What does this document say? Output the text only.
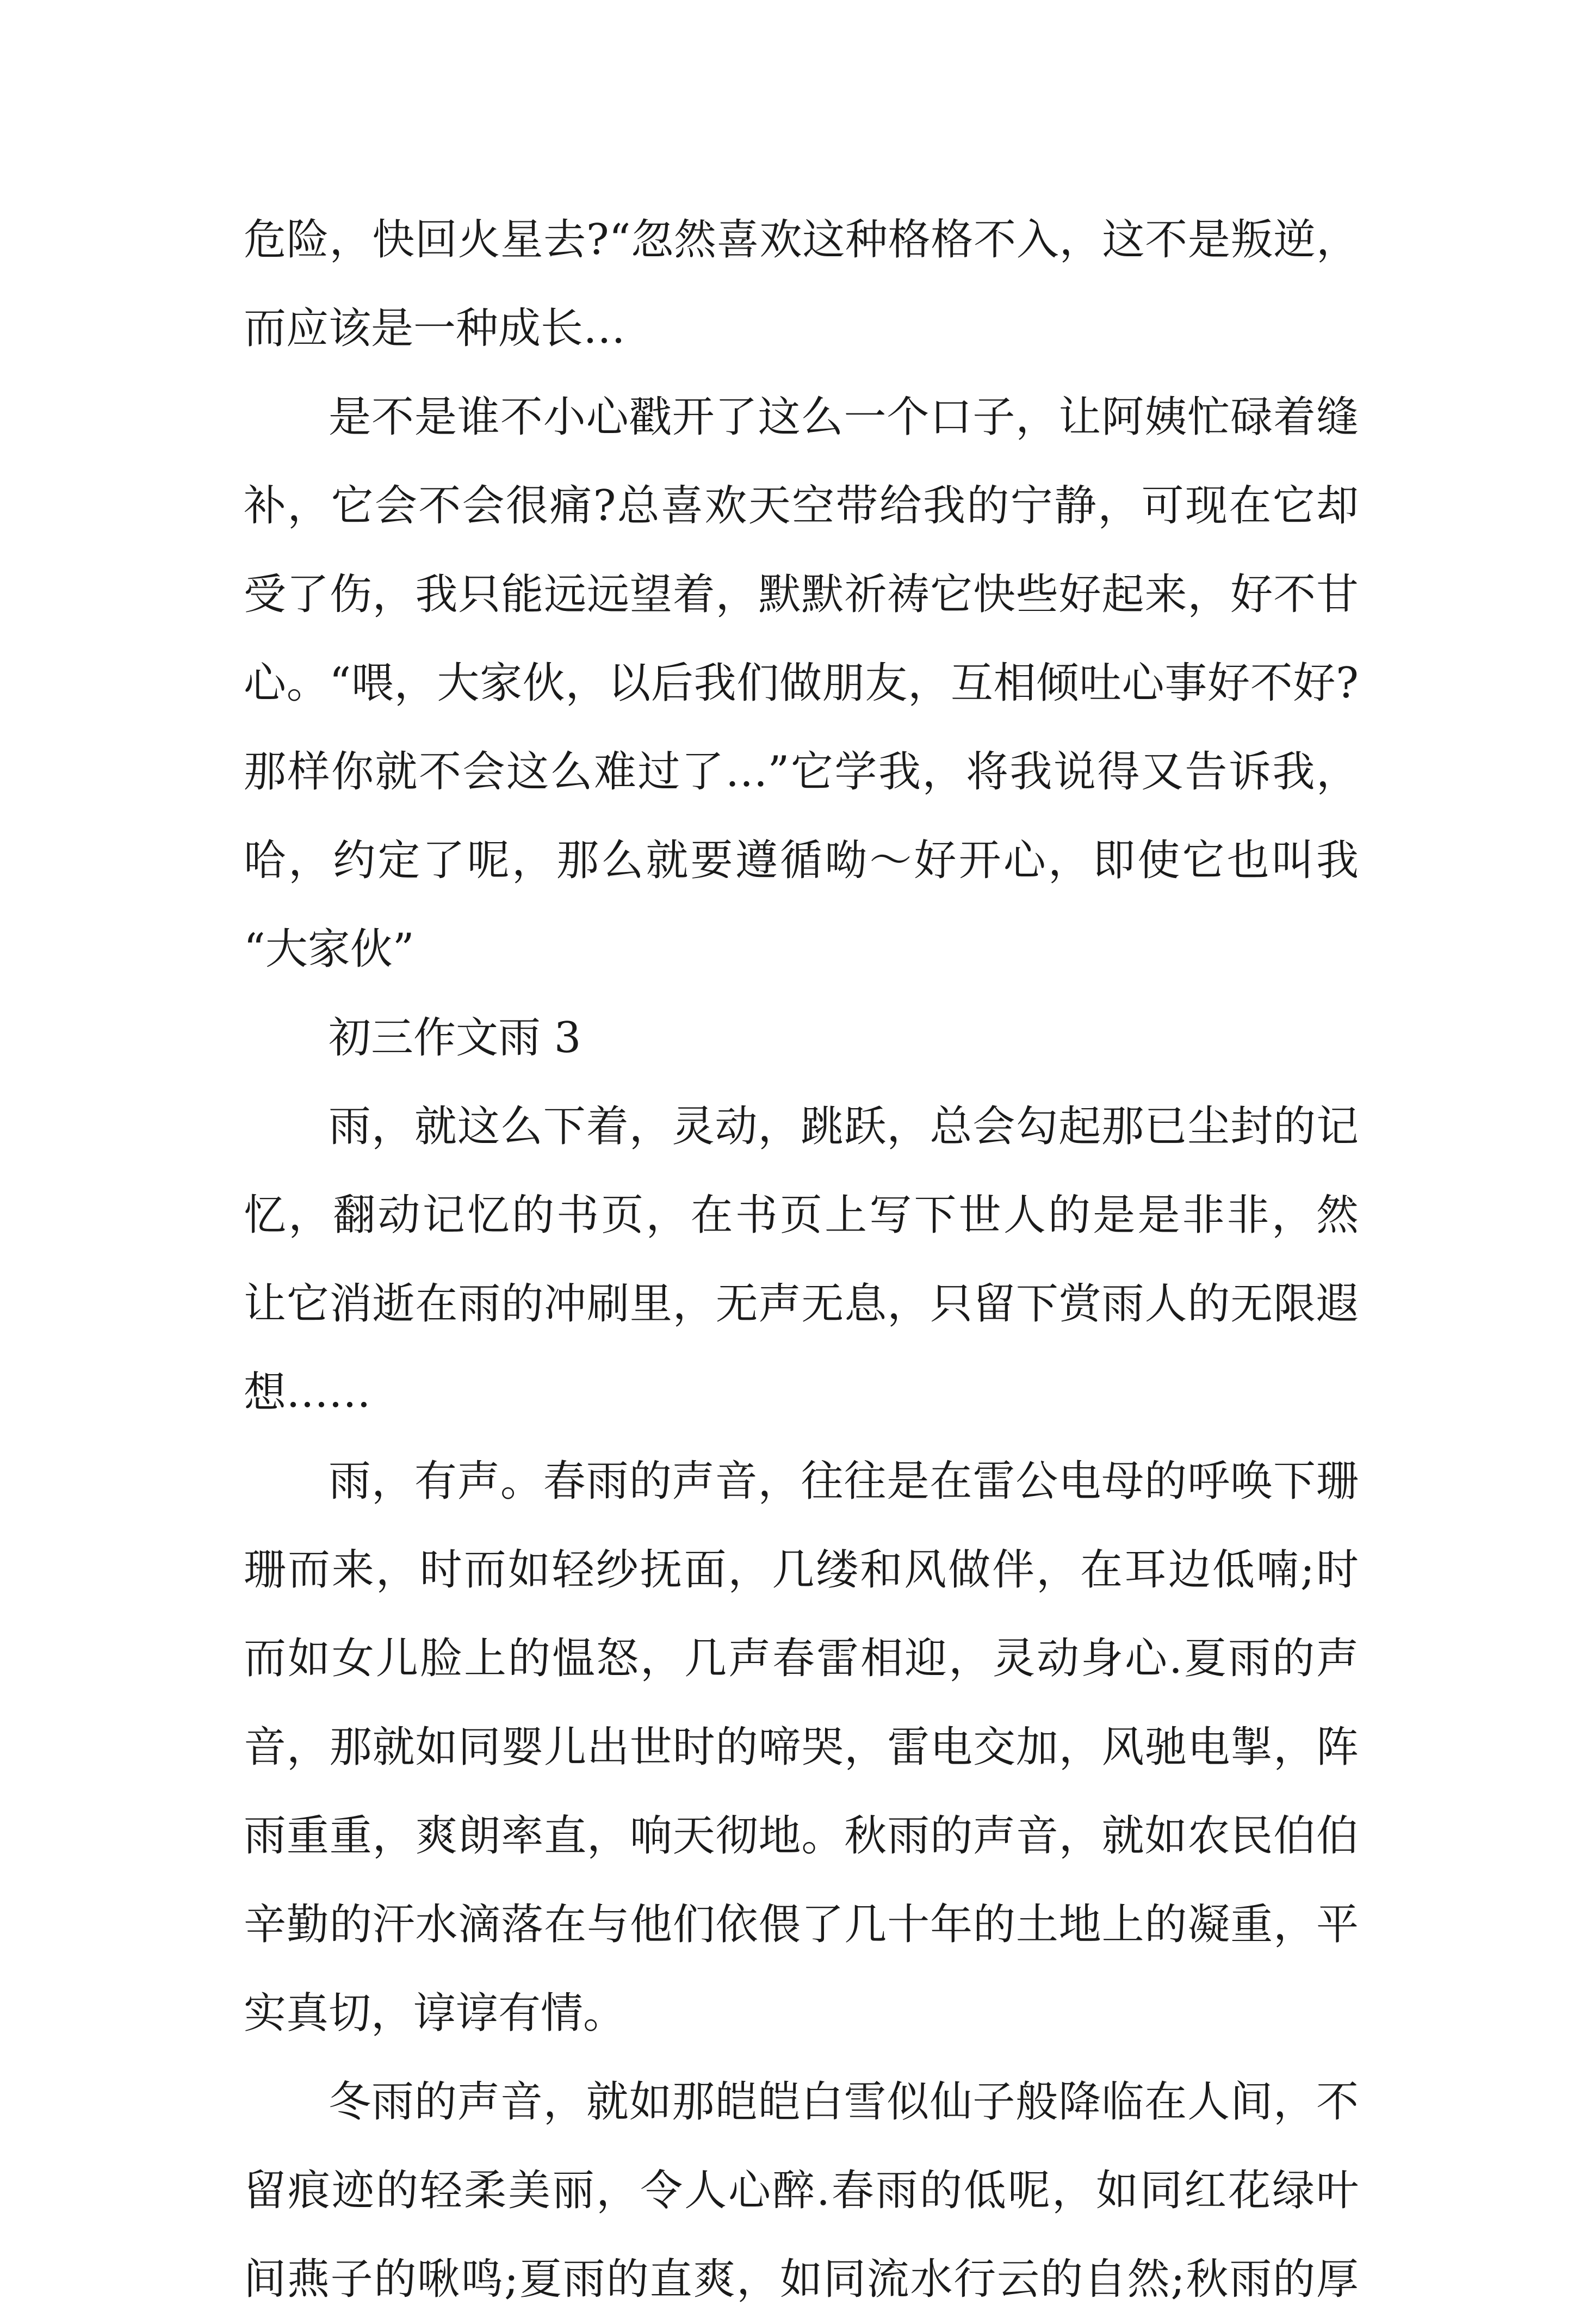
危险，快回火星去?“忽然喜欢这种格格不入，这不是叛逆，
而应该是一种成长…
是不是谁不小心戳开了这么一个口子，让阿姨忙碌着缝
补，它会不会很痛?总喜欢天空带给我的宁静，可现在它却
受了伤，我只能远远望着，默默祈祷它快些好起来，好不甘
心。“喂，大家伙，以后我们做朋友，互相倾吐心事好不好?
那样你就不会这么难过了…”它学我，将我说得又告诉我，
哈，约定了呢，那么就要遵循呦～好开心，即使它也叫我
“大家伙”
初三作文雨 3
雨，就这么下着，灵动，跳跃，总会勾起那已尘封的记
忆，翻动记忆的书页，在书页上写下世人的是是非非，然
让它消逝在雨的冲刷里，无声无息，只留下赏雨人的无限遐
想……
雨，有声。春雨的声音，往往是在雷公电母的呼唤下珊
珊而来，时而如轻纱抚面，几缕和风做伴，在耳边低喃;时
而如女儿脸上的愠怒，几声春雷相迎，灵动身心.夏雨的声
音，那就如同婴儿出世时的啼哭，雷电交加，风驰电掣，阵
雨重重，爽朗率直，响天彻地。秋雨的声音，就如农民伯伯
辛勤的汗水滴落在与他们依偎了几十年的土地上的凝重，平
实真切，谆谆有情。
冬雨的声音，就如那皑皑白雪似仙子般降临在人间，不
留痕迹的轻柔美丽，令人心醉.春雨的低呢，如同红花绿叶
间燕子的啾鸣;夏雨的直爽，如同流水行云的自然;秋雨的厚
